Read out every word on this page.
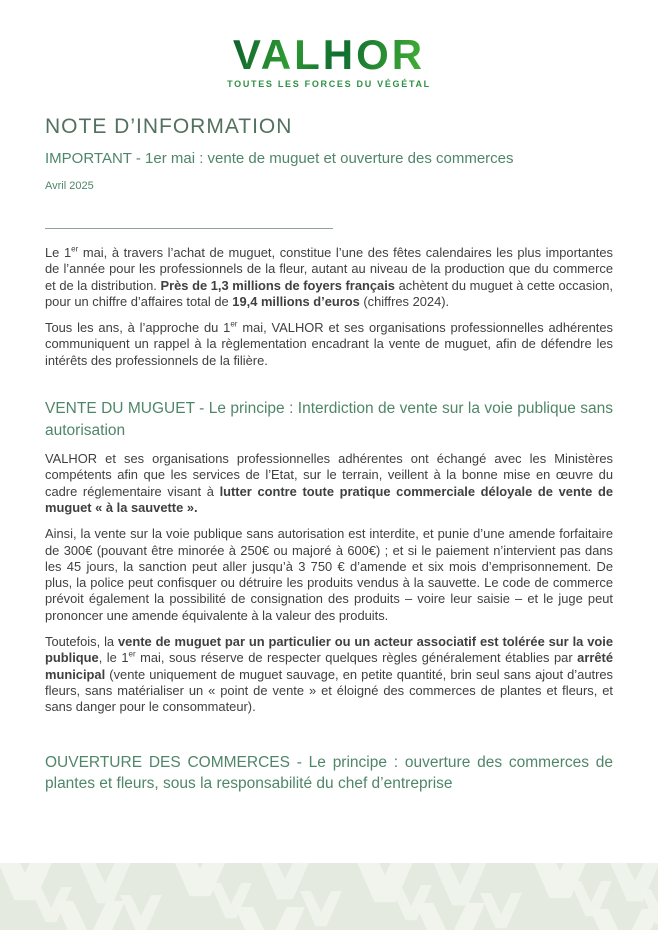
VALHOR
TOUTES LES FORCES DU VÉGÉTAL
NOTE D’INFORMATION
IMPORTANT - 1er mai : vente de muguet et ouverture des commerces
Avril 2025

Le 1er mai, à travers l’achat de muguet, constitue l’une des fêtes calendaires les plus importantes de l’année pour les professionnels de la fleur, autant au niveau de la production que du commerce et de la distribution. Près de 1,3 millions de foyers français achètent du muguet à cette occasion, pour un chiffre d’affaires total de 19,4 millions d’euros (chiffres 2024).

Tous les ans, à l’approche du 1er mai, VALHOR et ses organisations professionnelles adhérentes communiquent un rappel à la règlementation encadrant la vente de muguet, afin de défendre les intérêts des professionnels de la filière.

VENTE DU MUGUET - Le principe : Interdiction de vente sur la voie publique sans autorisation

VALHOR et ses organisations professionnelles adhérentes ont échangé avec les Ministères compétents afin que les services de l’Etat, sur le terrain, veillent à la bonne mise en œuvre du cadre réglementaire visant à lutter contre toute pratique commerciale déloyale de vente de muguet « à la sauvette ».

Ainsi, la vente sur la voie publique sans autorisation est interdite, et punie d’une amende forfaitaire de 300€ (pouvant être minorée à 250€ ou majoré à 600€) ; et si le paiement n’intervient pas dans les 45 jours, la sanction peut aller jusqu’à 3 750 € d’amende et six mois d’emprisonnement. De plus, la police peut confisquer ou détruire les produits vendus à la sauvette. Le code de commerce prévoit également la possibilité de consignation des produits – voire leur saisie – et le juge peut prononcer une amende équivalente à la valeur des produits.

Toutefois, la vente de muguet par un particulier ou un acteur associatif est tolérée sur la voie publique, le 1er mai, sous réserve de respecter quelques règles généralement établies par arrêté municipal (vente uniquement de muguet sauvage, en petite quantité, brin seul sans ajout d’autres fleurs, sans matérialiser un « point de vente » et éloigné des commerces de plantes et fleurs, et sans danger pour le consommateur).

OUVERTURE DES COMMERCES - Le principe : ouverture des commerces de plantes et fleurs, sous la responsabilité du chef d’entreprise
